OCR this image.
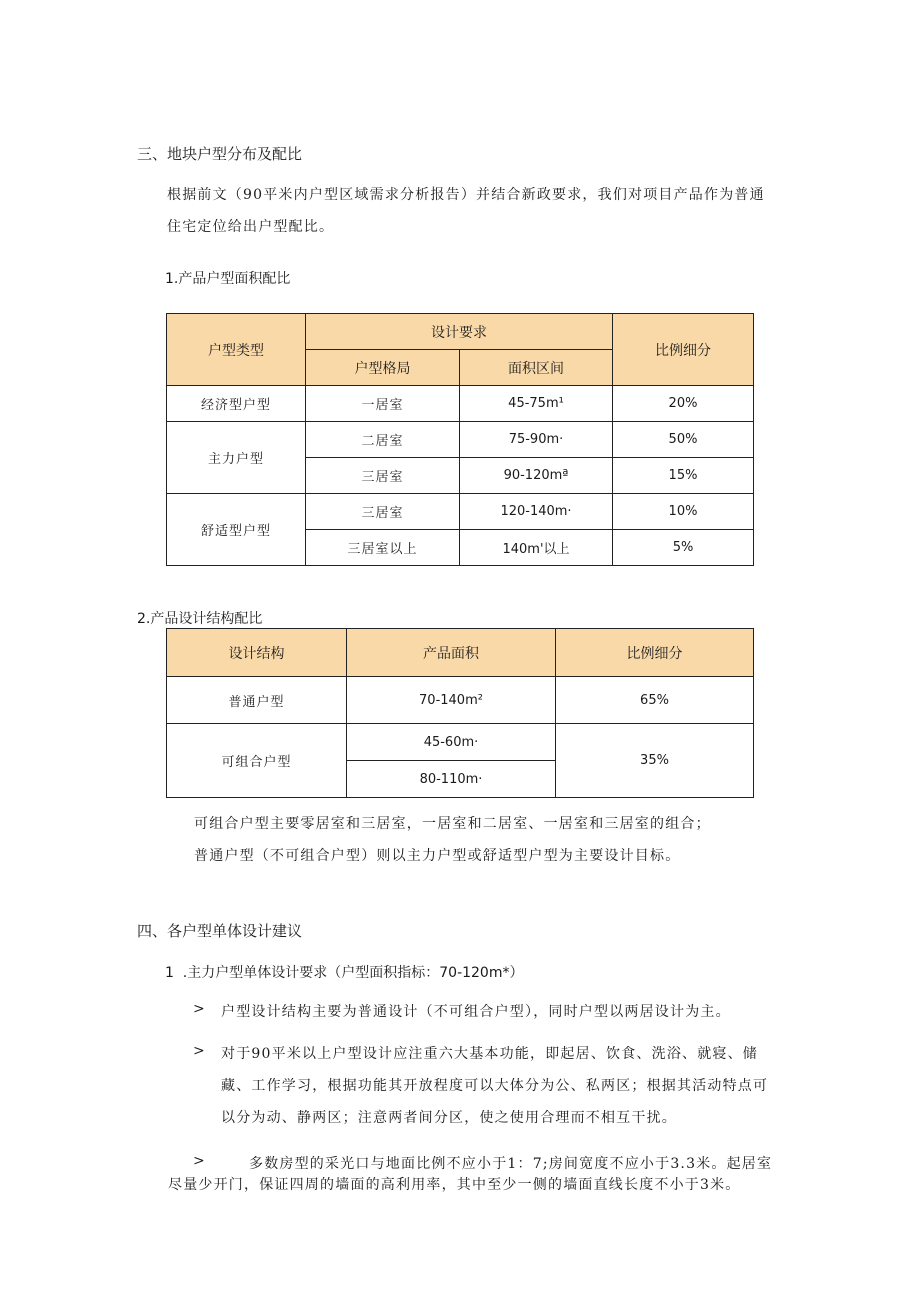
三、地块户型分布及配比
根据前文（90平米内户型区域需求分析报告）并结合新政要求，我们对项目产品作为普通
住宅定位给出户型配比。
1.产品户型面积配比
户型类型	设计要求		比例细分
	户型格局	面积区间	
经济型户型	一居室	45-75m¹	20%
主力户型	二居室	75-90m·	50%
	三居室	90-120mª	15%
舒适型户型	三居室	120-140m·	10%
	三居室以上	140m'以上	5%
2.产品设计结构配比
设计结构	产品面积	比例细分
普通户型	70-140m²	65%
可组合户型	45-60m·	35%
	80-110m·	
可组合户型主要零居室和三居室，一居室和二居室、一居室和三居室的组合；
普通户型（不可组合户型）则以主力户型或舒适型户型为主要设计目标。
四、各户型单体设计建议
1  .主力户型单体设计要求（户型面积指标：70-120m*）
> 户型设计结构主要为普通设计（不可组合户型），同时户型以两居设计为主。
> 对于90平米以上户型设计应注重六大基本功能，即起居、饮食、洗浴、就寝、储
藏、工作学习，根据功能其开放程度可以大体分为公、私两区；根据其活动特点可
以分为动、静两区；注意两者间分区，使之使用合理而不相互干扰。
>	多数房型的采光口与地面比例不应小于1：7;房间宽度不应小于3.3米。起居室
尽量少开门，保证四周的墙面的高利用率，其中至少一侧的墙面直线长度不小于3米。
